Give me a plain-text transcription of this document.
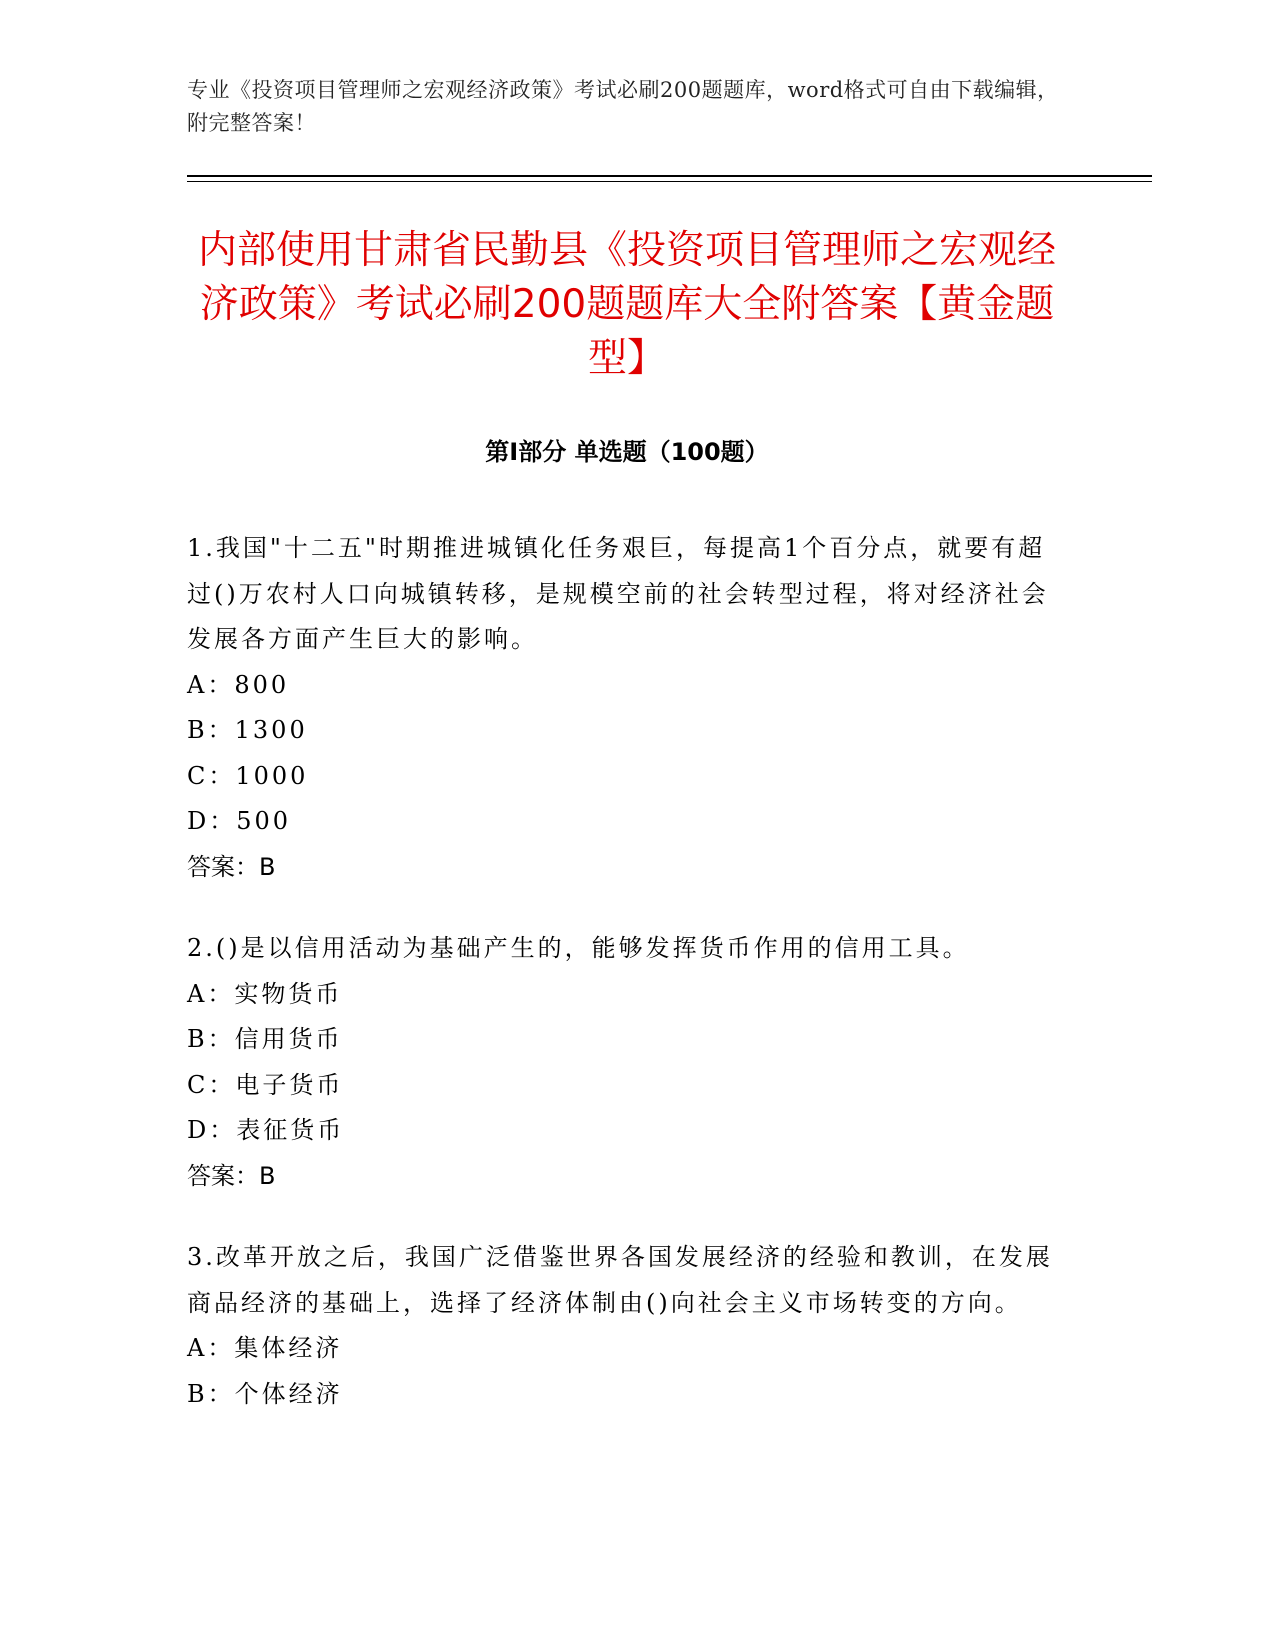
专业《投资项目管理师之宏观经济政策》考试必刷200题题库，word格式可自由下载编辑，附完整答案！
内部使用甘肃省民勤县《投资项目管理师之宏观经济政策》考试必刷200题题库大全附答案【黄金题型】
第I部分 单选题（100题）

1.我国"十二五"时期推进城镇化任务艰巨，每提高1个百分点，就要有超过()万农村人口向城镇转移，是规模空前的社会转型过程，将对经济社会发展各方面产生巨大的影响。

A：800

B：1300

C：1000

D：500

答案：B

2.()是以信用活动为基础产生的，能够发挥货币作用的信用工具。

A：实物货币

B：信用货币

C：电子货币

D：表征货币

答案：B

3.改革开放之后，我国广泛借鉴世界各国发展经济的经验和教训，在发展商品经济的基础上，选择了经济体制由()向社会主义市场转变的方向。

A：集体经济

B：个体经济
